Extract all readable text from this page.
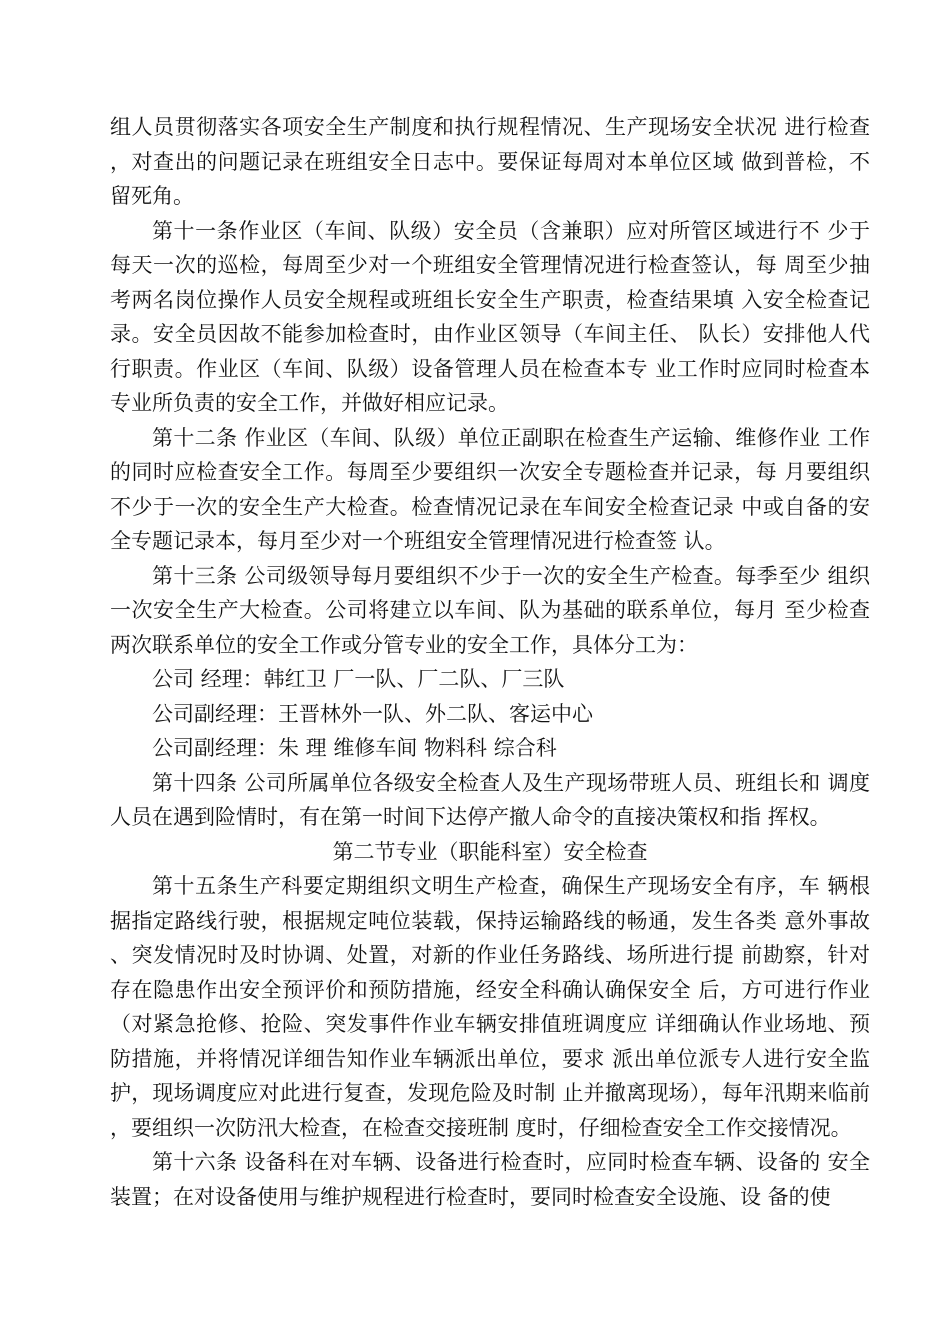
组人员贯彻落实各项安全生产制度和执行规程情况、生产现场安全状况 进行检查，对查出的问题记录在班组安全日志中。要保证每周对本单位区域 做到普检，不留死角。

第十一条作业区（车间、队级）安全员（含兼职）应对所管区域进行不 少于每天一次的巡检，每周至少对一个班组安全管理情况进行检查签认，每 周至少抽考两名岗位操作人员安全规程或班组长安全生产职责，检查结果填 入安全检查记录。安全员因故不能参加检查时，由作业区领导（车间主任、 队长）安排他人代行职责。作业区（车间、队级）设备管理人员在检查本专 业工作时应同时检查本专业所负责的安全工作，并做好相应记录。

第十二条 作业区（车间、队级）单位正副职在检查生产运输、维修作业 工作的同时应检查安全工作。每周至少要组织一次安全专题检查并记录，每 月要组织不少于一次的安全生产大检查。检查情况记录在车间安全检查记录 中或自备的安全专题记录本，每月至少对一个班组安全管理情况进行检查签 认。

第十三条 公司级领导每月要组织不少于一次的安全生产检查。每季至少 组织一次安全生产大检查。公司将建立以车间、队为基础的联系单位，每月 至少检查两次联系单位的安全工作或分管专业的安全工作，具体分工为：

公司 经理：韩红卫 厂一队、厂二队、厂三队

公司副经理：王晋林外一队、外二队、客运中心

公司副经理：朱 理 维修车间 物料科 综合科

第十四条 公司所属单位各级安全检查人及生产现场带班人员、班组长和 调度人员在遇到险情时，有在第一时间下达停产撤人命令的直接决策权和指 挥权。

第二节专业（职能科室）安全检查

第十五条生产科要定期组织文明生产检查，确保生产现场安全有序，车 辆根据指定路线行驶，根据规定吨位装载，保持运输路线的畅通，发生各类 意外事故、突发情况时及时协调、处置，对新的作业任务路线、场所进行提 前勘察，针对存在隐患作出安全预评价和预防措施，经安全科确认确保安全 后，方可进行作业（对紧急抢修、抢险、突发事件作业车辆安排值班调度应 详细确认作业场地、预防措施，并将情况详细告知作业车辆派出单位，要求 派出单位派专人进行安全监护，现场调度应对此进行复查，发现危险及时制 止并撤离现场），每年汛期来临前，要组织一次防汛大检查，在检查交接班制 度时，仔细检查安全工作交接情况。

第十六条 设备科在对车辆、设备进行检查时，应同时检查车辆、设备的 安全装置；在对设备使用与维护规程进行检查时，要同时检查安全设施、设 备的使
